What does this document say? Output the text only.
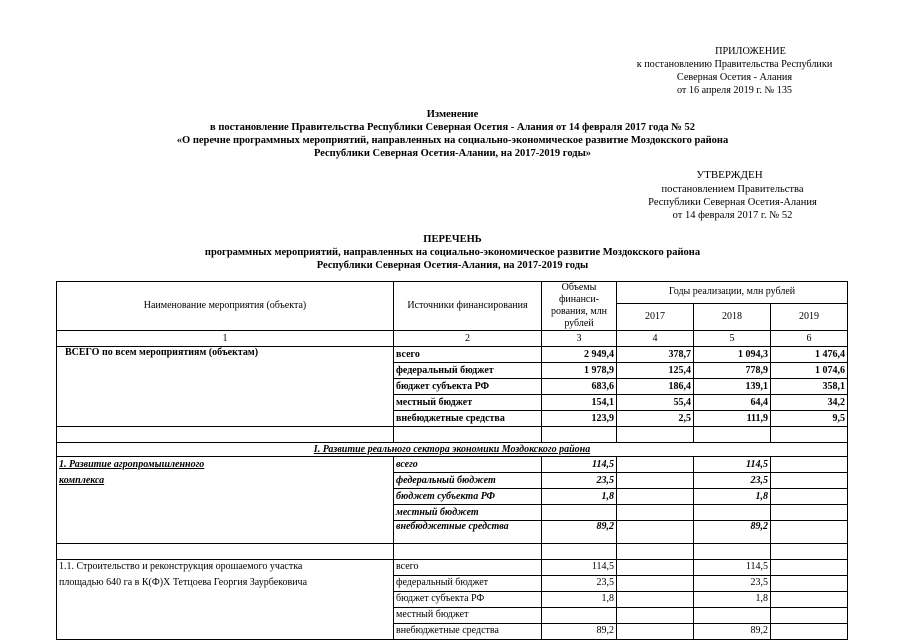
ПРИЛОЖЕНИЕ
к постановлению Правительства Республики
Северная Осетия - Алания
от 16 апреля 2019 г. № 135
Изменение
в постановление Правительства Республики Северная Осетия - Алания от 14 февраля 2017 года № 52
«О перечне программных мероприятий, направленных на социально-экономическое развитие Моздокского района
Республики Северная Осетия-Алании, на 2017-2019 годы»
УТВЕРЖДЕН
постановлением Правительства
Республики Северная Осетия-Алания
от 14 февраля 2017 г. № 52
ПЕРЕЧЕНЬ
программных мероприятий, направленных на социально-экономическое развитие Моздокского района
Республики Северная Осетия-Алания, на 2017-2019 годы
Наименование мероприятия (объекта)	Источники финансирования	Объемы финанси-рования, млн рублей	Годы реализации, млн рублей		
			2017	2018	2019
1	2	3	4	5	6
ВСЕГО по всем мероприятиям (объектам)	всего	2 949,4	378,7	1 094,3	1 476,4
	федеральный бюджет	1 978,9	125,4	778,9	1 074,6
	бюджет субъекта РФ	683,6	186,4	139,1	358,1
	местный бюджет	154,1	55,4	64,4	34,2
	внебюджетные средства	123,9	2,5	111,9	9,5

I. Развитие реального сектора экономики Моздокского района					
1. Развитие агропромышленного	всего	114,5		114,5	
комплекса	федеральный бюджет	23,5		23,5	
	бюджет субъекта РФ	1,8		1,8	
	местный бюджет				
	внебюджетные средства	89,2		89,2	

1.1. Строительство и реконструкция орошаемого участка	всего	114,5		114,5	
площадью 640 га в К(Ф)Х Тетцоева Георгия Заурбековича	федеральный бюджет	23,5		23,5	
	бюджет субъекта РФ	1,8		1,8	
	местный бюджет				
	внебюджетные средства	89,2		89,2	
